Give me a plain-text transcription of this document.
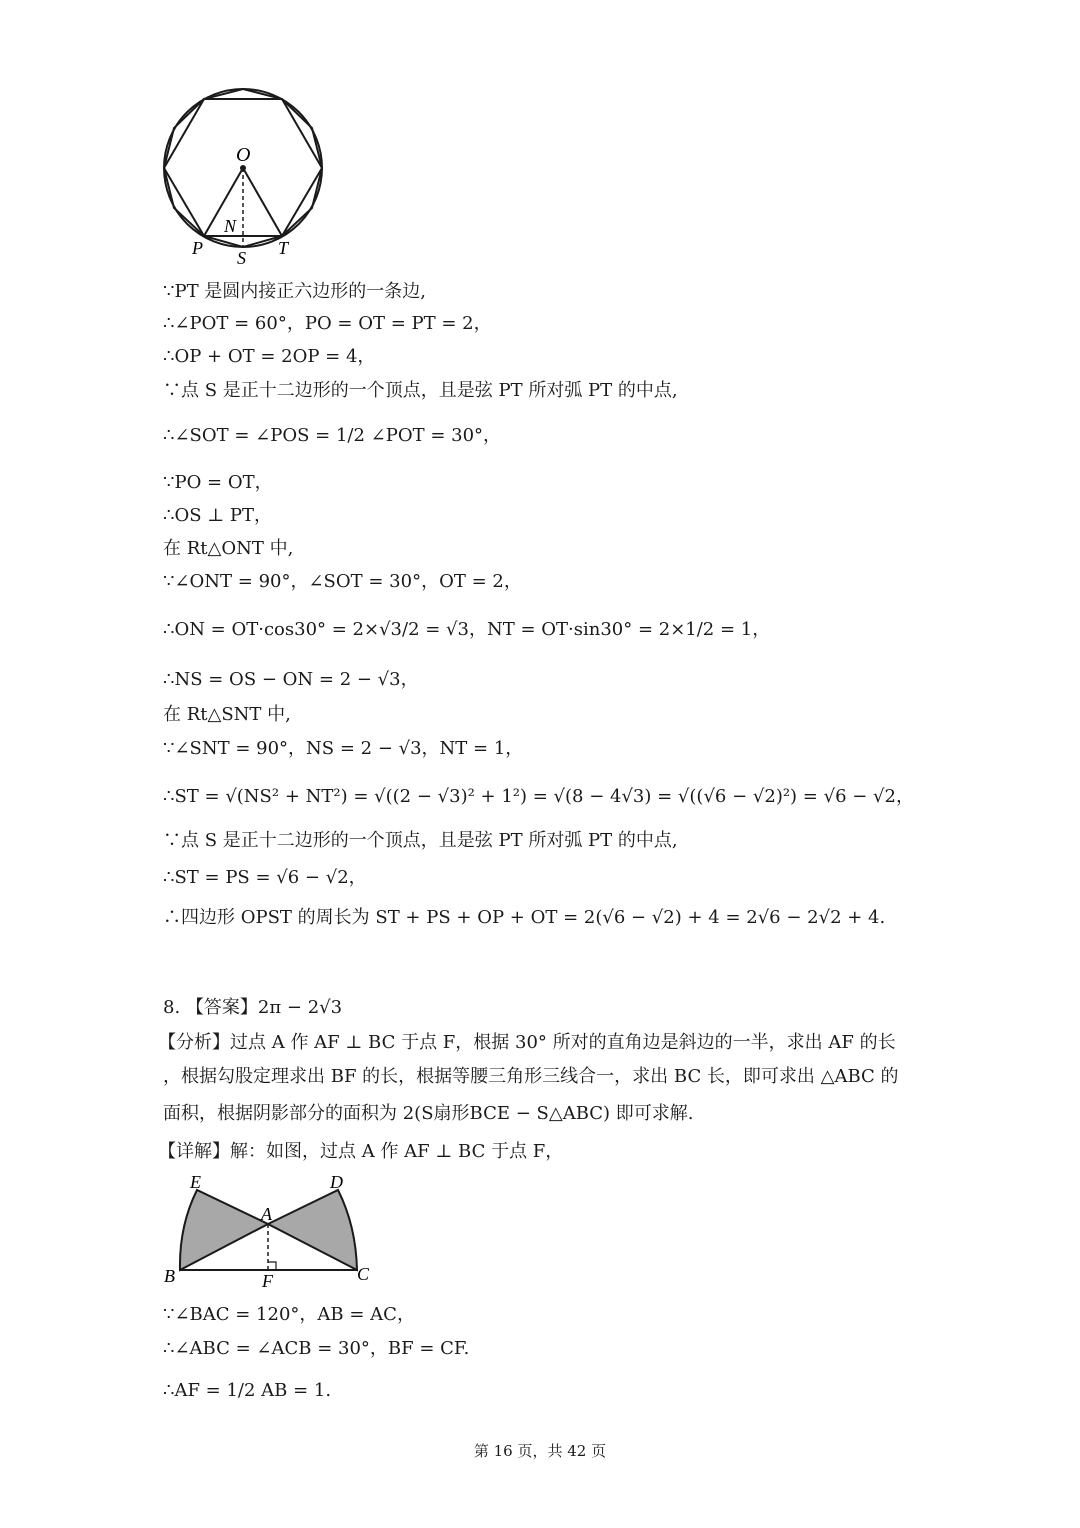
O
N
P S T
∵PT 是圆内接正六边形的一条边,
∴∠POT = 60°，PO = OT = PT = 2，
∴OP + OT = 2OP = 4，
∵点 S 是正十二边形的一个顶点，且是弦 PT 所对弧 PT 的中点,
∴∠SOT = ∠POS = 1/2 ∠POT = 30°，
∵PO = OT，
∴OS ⊥ PT，
在 Rt△ONT 中,
∵∠ONT = 90°，∠SOT = 30°，OT = 2，
∴ON = OT·cos30° = 2×√3/2 = √3，NT = OT·sin30° = 2×1/2 = 1，
∴NS = OS − ON = 2 − √3，
在 Rt△SNT 中,
∵∠SNT = 90°，NS = 2 − √3，NT = 1，
∴ST = √(NS² + NT²) = √((2 − √3)² + 1²) = √(8 − 4√3) = √((√6 − √2)²) = √6 − √2，
∵点 S 是正十二边形的一个顶点，且是弦 PT 所对弧 PT 的中点,
∴ST = PS = √6 − √2，
∴四边形 OPST 的周长为 ST + PS + OP + OT = 2(√6 − √2) + 4 = 2√6 − 2√2 + 4.
8. 【答案】2π − 2√3
【分析】过点 A 作 AF ⊥ BC 于点 F，根据 30° 所对的直角边是斜边的一半，求出 AF 的长
，根据勾股定理求出 BF 的长，根据等腰三角形三线合一，求出 BC 长，即可求出 △ABC 的
面积，根据阴影部分的面积为 2(S扇形BCE − S△ABC) 即可求解.
【详解】解：如图，过点 A 作 AF ⊥ BC 于点 F，
E	D
A
B	C
F
∵∠BAC = 120°，AB = AC，
∴∠ABC = ∠ACB = 30°，BF = CF.
∴AF = 1/2 AB = 1.
第 16 页，共 42 页
